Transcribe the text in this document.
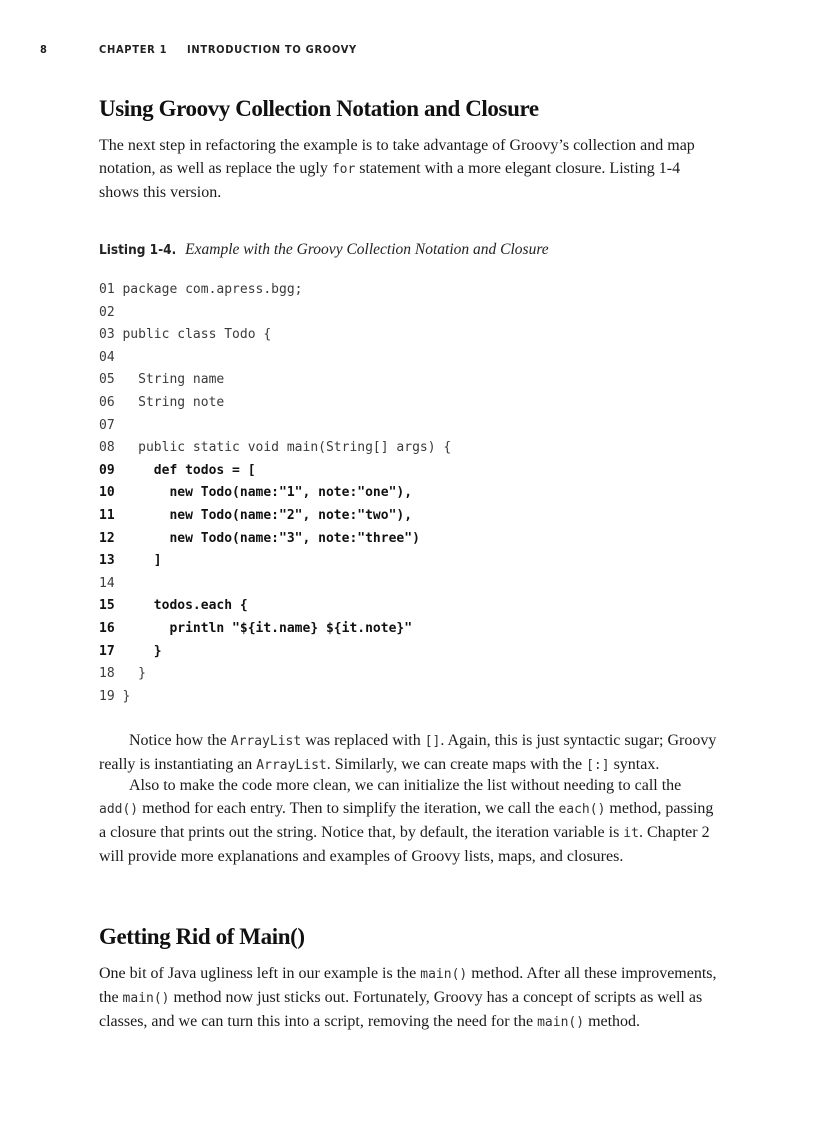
8	CHAPTER 1 INTRODUCTION TO GROOVY
Using Groovy Collection Notation and Closure

The next step in refactoring the example is to take advantage of Groovy’s collection and map notation, as well as replace the ugly for statement with a more elegant closure. Listing 1-4 shows this version.

Listing 1-4. Example with the Groovy Collection Notation and Closure

01 package com.apress.bgg;
02
03 public class Todo {
04
05   String name
06   String note
07
08   public static void main(String[] args) {
09     def todos = [
10       new Todo(name:"1", note:"one"),
11       new Todo(name:"2", note:"two"),
12       new Todo(name:"3", note:"three")
13     ]
14
15     todos.each {
16       println "${it.name} ${it.note}"
17     }
18   }
19 }

Notice how the ArrayList was replaced with []. Again, this is just syntactic sugar; Groovy really is instantiating an ArrayList. Similarly, we can create maps with the [:] syntax.

Also to make the code more clean, we can initialize the list without needing to call the add() method for each entry. Then to simplify the iteration, we call the each() method, passing a closure that prints out the string. Notice that, by default, the iteration variable is it. Chapter 2 will provide more explanations and examples of Groovy lists, maps, and closures.

Getting Rid of Main()

One bit of Java ugliness left in our example is the main() method. After all these improvements, the main() method now just sticks out. Fortunately, Groovy has a concept of scripts as well as classes, and we can turn this into a script, removing the need for the main() method.
